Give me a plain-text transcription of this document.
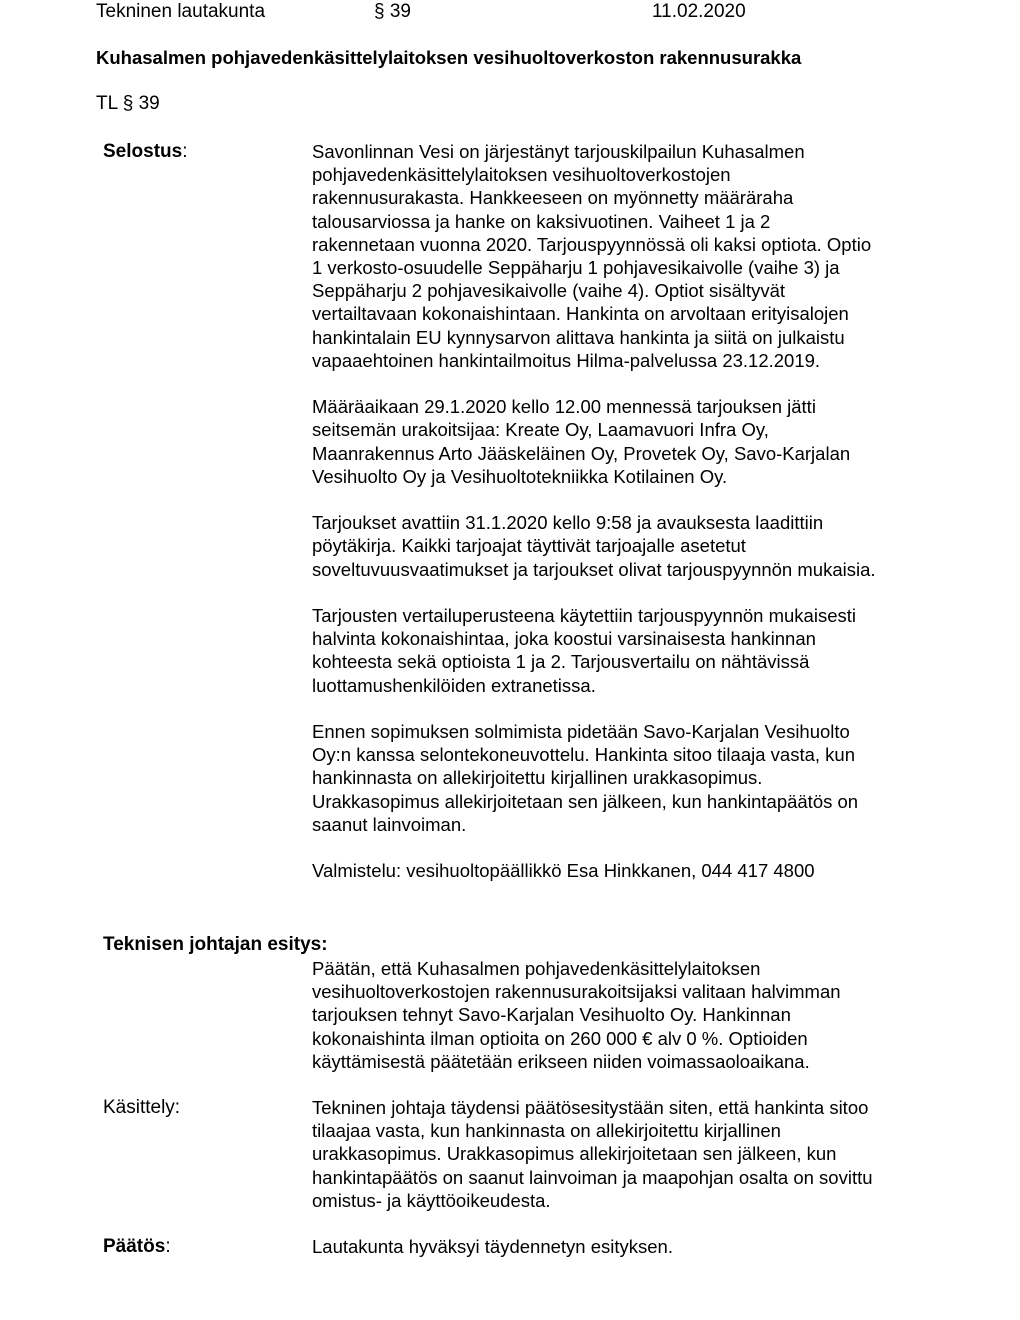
Tekninen lautakunta	§ 39	11.02.2020
Kuhasalmen pohjavedenkäsittelylaitoksen vesihuoltoverkoston rakennusurakka
TL § 39
Selostus:	Savonlinnan Vesi on järjestänyt tarjouskilpailun Kuhasalmen
pohjavedenkäsittelylaitoksen vesihuoltoverkostojen
rakennusurakasta. Hankkeeseen on myönnetty määräraha
talousarviossa ja hanke on kaksivuotinen. Vaiheet 1 ja 2
rakennetaan vuonna 2020. Tarjouspyynnössä oli kaksi optiota. Optio
1 verkosto-osuudelle Seppäharju 1 pohjavesikaivolle (vaihe 3) ja
Seppäharju 2 pohjavesikaivolle (vaihe 4). Optiot sisältyvät
vertailtavaan kokonaishintaan. Hankinta on arvoltaan erityisalojen
hankintalain EU kynnysarvon alittava hankinta ja siitä on julkaistu
vapaaehtoinen hankintailmoitus Hilma-palvelussa 23.12.2019.
Määräaikaan 29.1.2020 kello 12.00 mennessä tarjouksen jätti
seitsemän urakoitsijaa: Kreate Oy, Laamavuori Infra Oy,
Maanrakennus Arto Jääskeläinen Oy, Provetek Oy, Savo-Karjalan
Vesihuolto Oy ja Vesihuoltotekniikka Kotilainen Oy.
Tarjoukset avattiin 31.1.2020 kello 9:58 ja avauksesta laadittiin
pöytäkirja. Kaikki tarjoajat täyttivät tarjoajalle asetetut
soveltuvuusvaatimukset ja tarjoukset olivat tarjouspyynnön mukaisia.
Tarjousten vertailuperusteena käytettiin tarjouspyynnön mukaisesti
halvinta kokonaishintaa, joka koostui varsinaisesta hankinnan
kohteesta sekä optioista 1 ja 2. Tarjousvertailu on nähtävissä
luottamushenkilöiden extranetissa.
Ennen sopimuksen solmimista pidetään Savo-Karjalan Vesihuolto
Oy:n kanssa selontekoneuvottelu. Hankinta sitoo tilaaja vasta, kun
hankinnasta on allekirjoitettu kirjallinen urakkasopimus.
Urakkasopimus allekirjoitetaan sen jälkeen, kun hankintapäätös on
saanut lainvoiman.
Valmistelu: vesihuoltopäällikkö Esa Hinkkanen, 044 417 4800
Teknisen johtajan esitys:
Päätän, että Kuhasalmen pohjavedenkäsittelylaitoksen
vesihuoltoverkostojen rakennusurakoitsijaksi valitaan halvimman
tarjouksen tehnyt Savo-Karjalan Vesihuolto Oy. Hankinnan
kokonaishinta ilman optioita on 260 000 € alv 0 %. Optioiden
käyttämisestä päätetään erikseen niiden voimassaoloaikana.
Käsittely:	Tekninen johtaja täydensi päätösesitystään siten, että hankinta sitoo
tilaajaa vasta, kun hankinnasta on allekirjoitettu kirjallinen
urakkasopimus. Urakkasopimus allekirjoitetaan sen jälkeen, kun
hankintapäätös on saanut lainvoiman ja maapohjan osalta on sovittu
omistus- ja käyttöoikeudesta.
Päätös:	Lautakunta hyväksyi täydennetyn esityksen.
